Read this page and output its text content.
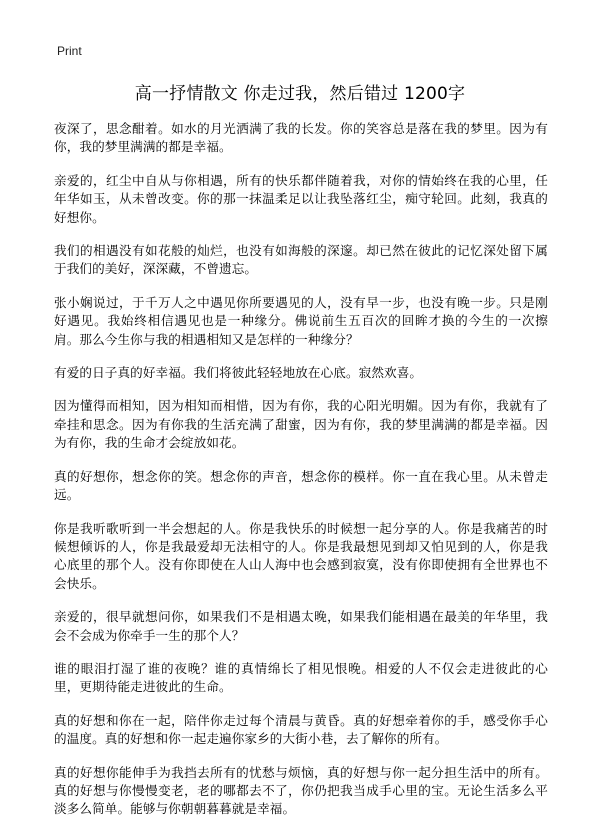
Print
高一抒情散文 你走过我，然后错过 1200字

夜深了，思念酣着。如水的月光洒满了我的长发。你的笑容总是落在我的梦里。因为有你，我的梦里满满的都是幸福。

亲爱的，红尘中自从与你相遇，所有的快乐都伴随着我，对你的情始终在我的心里，任年华如玉，从未曾改变。你的那一抹温柔足以让我坠落红尘，痴守轮回。此刻，我真的好想你。

我们的相遇没有如花般的灿烂，也没有如海般的深邃。却已然在彼此的记忆深处留下属于我们的美好，深深藏，不曾遗忘。

张小娴说过，于千万人之中遇见你所要遇见的人，没有早一步，也没有晚一步。只是刚好遇见。我始终相信遇见也是一种缘分。佛说前生五百次的回眸才换的今生的一次擦肩。那么今生你与我的相遇相知又是怎样的一种缘分？

有爱的日子真的好幸福。我们将彼此轻轻地放在心底。寂然欢喜。

因为懂得而相知，因为相知而相惜，因为有你，我的心阳光明媚。因为有你，我就有了牵挂和思念。因为有你我的生活充满了甜蜜，因为有你，我的梦里满满的都是幸福。因为有你，我的生命才会绽放如花。

真的好想你，想念你的笑。想念你的声音，想念你的模样。你一直在我心里。从未曾走远。

你是我听歌听到一半会想起的人。你是我快乐的时候想一起分享的人。你是我痛苦的时候想倾诉的人，你是我最爱却无法相守的人。你是我最想见到却又怕见到的人，你是我心底里的那个人。没有你即使在人山人海中也会感到寂寞，没有你即使拥有全世界也不会快乐。

亲爱的，很早就想问你，如果我们不是相遇太晚，如果我们能相遇在最美的年华里，我会不会成为你牵手一生的那个人？

谁的眼泪打湿了谁的夜晚？谁的真情绵长了相见恨晚。相爱的人不仅会走进彼此的心里，更期待能走进彼此的生命。

真的好想和你在一起，陪伴你走过每个清晨与黄昏。真的好想牵着你的手，感受你手心的温度。真的好想和你一起走遍你家乡的大街小巷，去了解你的所有。

真的好想你能伸手为我挡去所有的忧愁与烦恼，真的好想与你一起分担生活中的所有。真的好想与你慢慢变老，老的哪都去不了，你仍把我当成手心里的宝。无论生活多么平淡多么简单。能够与你朝朝暮暮就是幸福。
